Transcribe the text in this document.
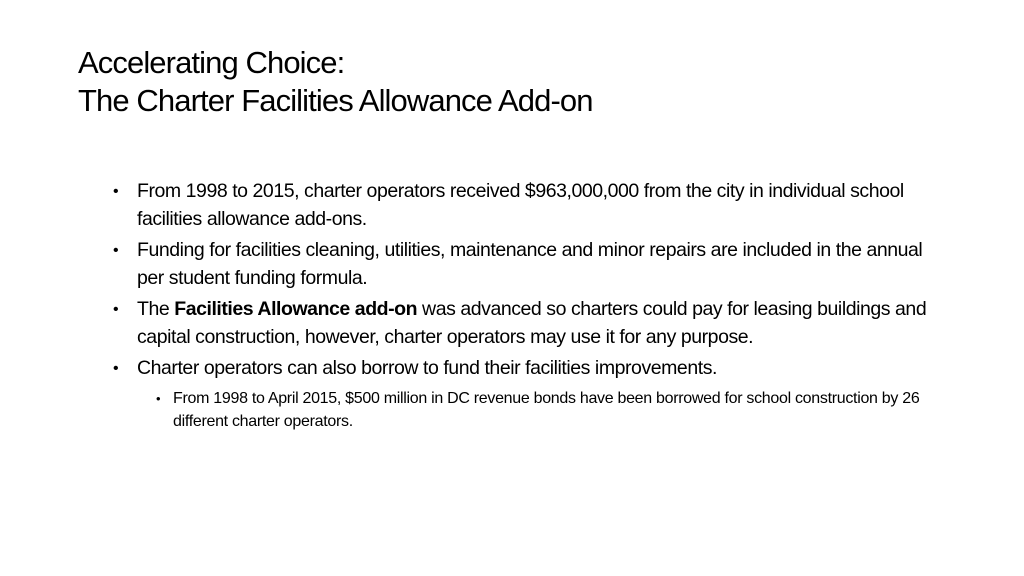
Accelerating Choice:
The Charter Facilities Allowance Add-on
• From 1998 to 2015, charter operators received $963,000,000 from the city in individual school facilities allowance add-ons.
• Funding for facilities cleaning, utilities, maintenance and minor repairs are included in the annual per student funding formula.
• The Facilities Allowance add-on was advanced so charters could pay for leasing buildings and capital construction, however, charter operators may use it for any purpose.
• Charter operators can also borrow to fund their facilities improvements.
• From 1998 to April 2015, $500 million in DC revenue bonds have been borrowed for school construction by 26 different charter operators.
